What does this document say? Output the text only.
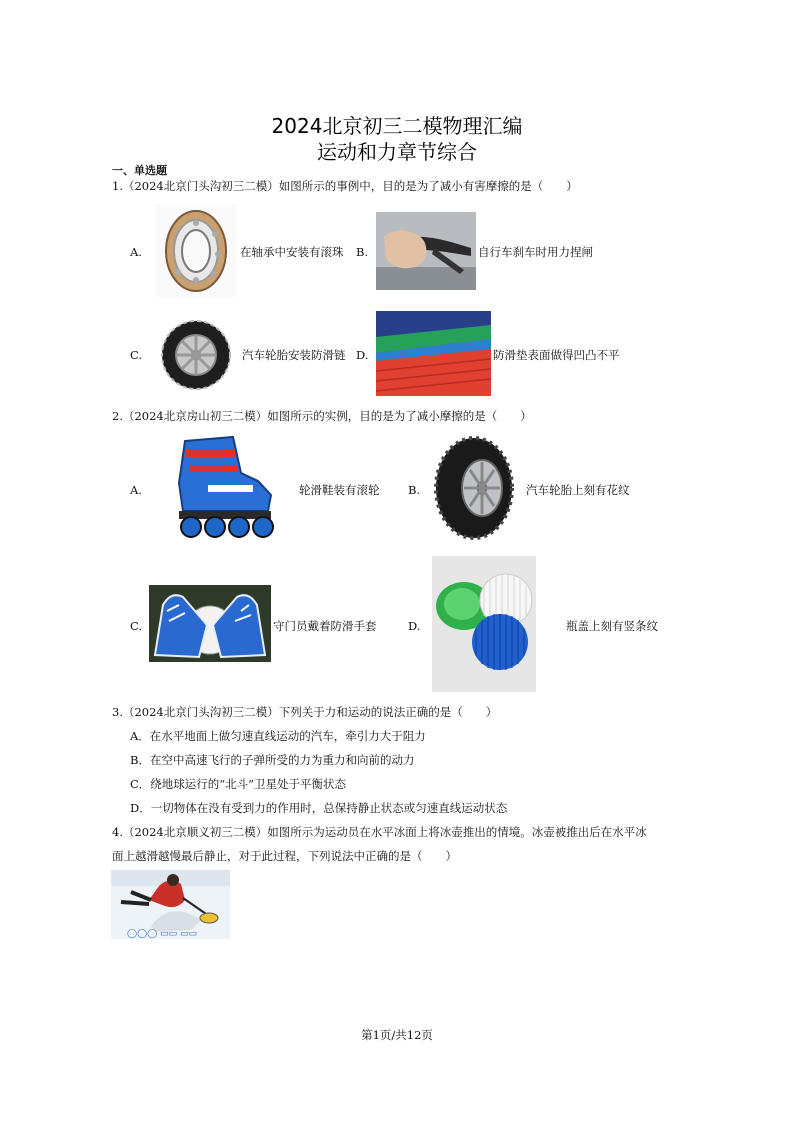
2024北京初三二模物理汇编
运动和力章节综合
一、单选题
1.（2024北京门头沟初三二模）如图所示的事例中，目的是为了减小有害摩擦的是（　　）
A.	在轴承中安装有滚珠 B.	自行车刹车时用力捏闸
C.	汽车轮胎安装防滑链 D.	防滑垫表面做得凹凸不平
2.（2024北京房山初三二模）如图所示的实例，目的是为了减小摩擦的是（　　）
A.	轮滑鞋装有滚轮 B.	汽车轮胎上刻有花纹
C.	守门员戴着防滑手套	D.	瓶盖上刻有竖条纹
3.（2024北京门头沟初三二模）下列关于力和运动的说法正确的是（　　）
A．在水平地面上做匀速直线运动的汽车，牵引力大于阻力
B．在空中高速飞行的子弹所受的力为重力和向前的动力
C．绕地球运行的“北斗”卫星处于平衡状态
D．一切物体在没有受到力的作用时，总保持静止状态或匀速直线运动状态
4.（2024北京顺义初三二模）如图所示为运动员在水平冰面上将冰壶推出的情境。冰壶被推出后在水平冰
面上越滑越慢最后静止，对于此过程，下列说法中正确的是（　　）
◯◯◯ ▭▭ ▭▭
第1页/共12页
